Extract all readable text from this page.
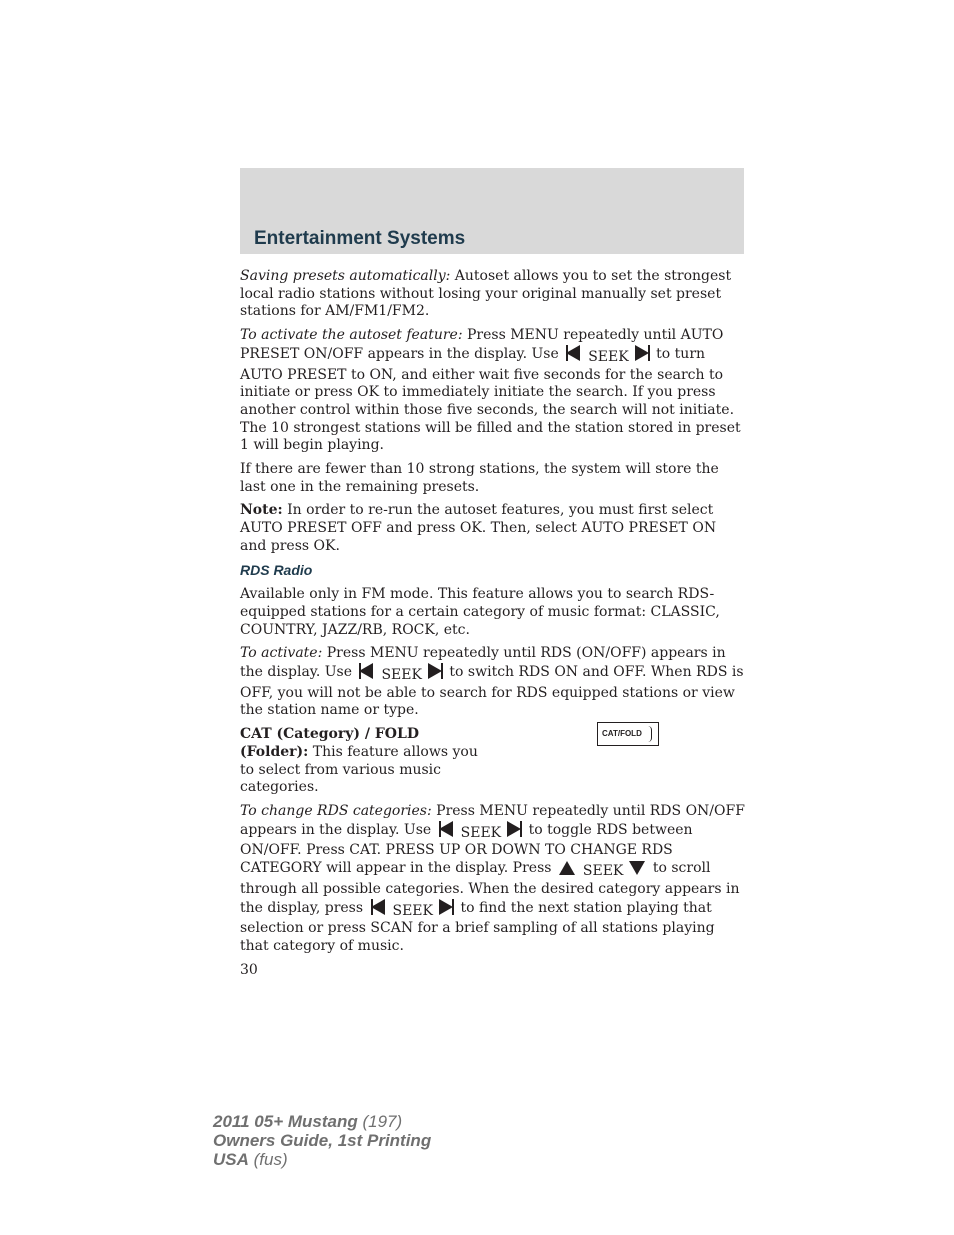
Entertainment Systems

Saving presets automatically: Autoset allows you to set the strongest local radio stations without losing your original manually set preset stations for AM/FM1/FM2.

To activate the autoset feature: Press MENU repeatedly until AUTO PRESET ON/OFF appears in the display. Use SEEK to turn AUTO PRESET to ON, and either wait five seconds for the search to initiate or press OK to immediately initiate the search. If you press another control within those five seconds, the search will not initiate. The 10 strongest stations will be filled and the station stored in preset 1 will begin playing.

If there are fewer than 10 strong stations, the system will store the last one in the remaining presets.

Note: In order to re-run the autoset features, you must first select AUTO PRESET OFF and press OK. Then, select AUTO PRESET ON and press OK.

RDS Radio

Available only in FM mode. This feature allows you to search RDS-equipped stations for a certain category of music format: CLASSIC, COUNTRY, JAZZ/RB, ROCK, etc.

To activate: Press MENU repeatedly until RDS (ON/OFF) appears in the display. Use SEEK to switch RDS ON and OFF. When RDS is OFF, you will not be able to search for RDS equipped stations or view the station name or type.

CAT (Category) / FOLD (Folder): This feature allows you to select from various music categories.

CAT/FOLD

To change RDS categories: Press MENU repeatedly until RDS ON/OFF appears in the display. Use SEEK to toggle RDS between ON/OFF. Press CAT. PRESS UP OR DOWN TO CHANGE RDS CATEGORY will appear in the display. Press SEEK to scroll through all possible categories. When the desired category appears in the display, press SEEK to find the next station playing that selection or press SCAN for a brief sampling of all stations playing that category of music.

30
2011 05+ Mustang (197)
Owners Guide, 1st Printing
USA (fus)
